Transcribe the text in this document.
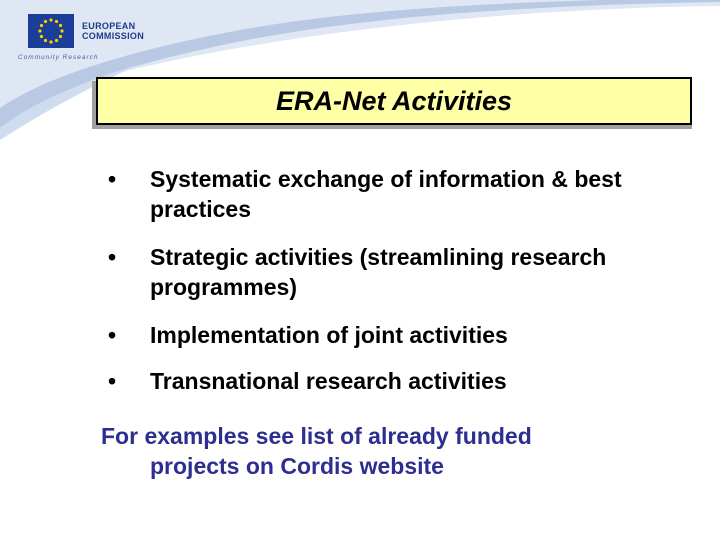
EUROPEAN
COMMISSION
Community Research
ERA-Net Activities
•	Systematic exchange of information & best practices
•	Strategic activities (streamlining research programmes)
•	Implementation of joint activities
•	Transnational research activities
For examples see list of already funded
projects on Cordis website
